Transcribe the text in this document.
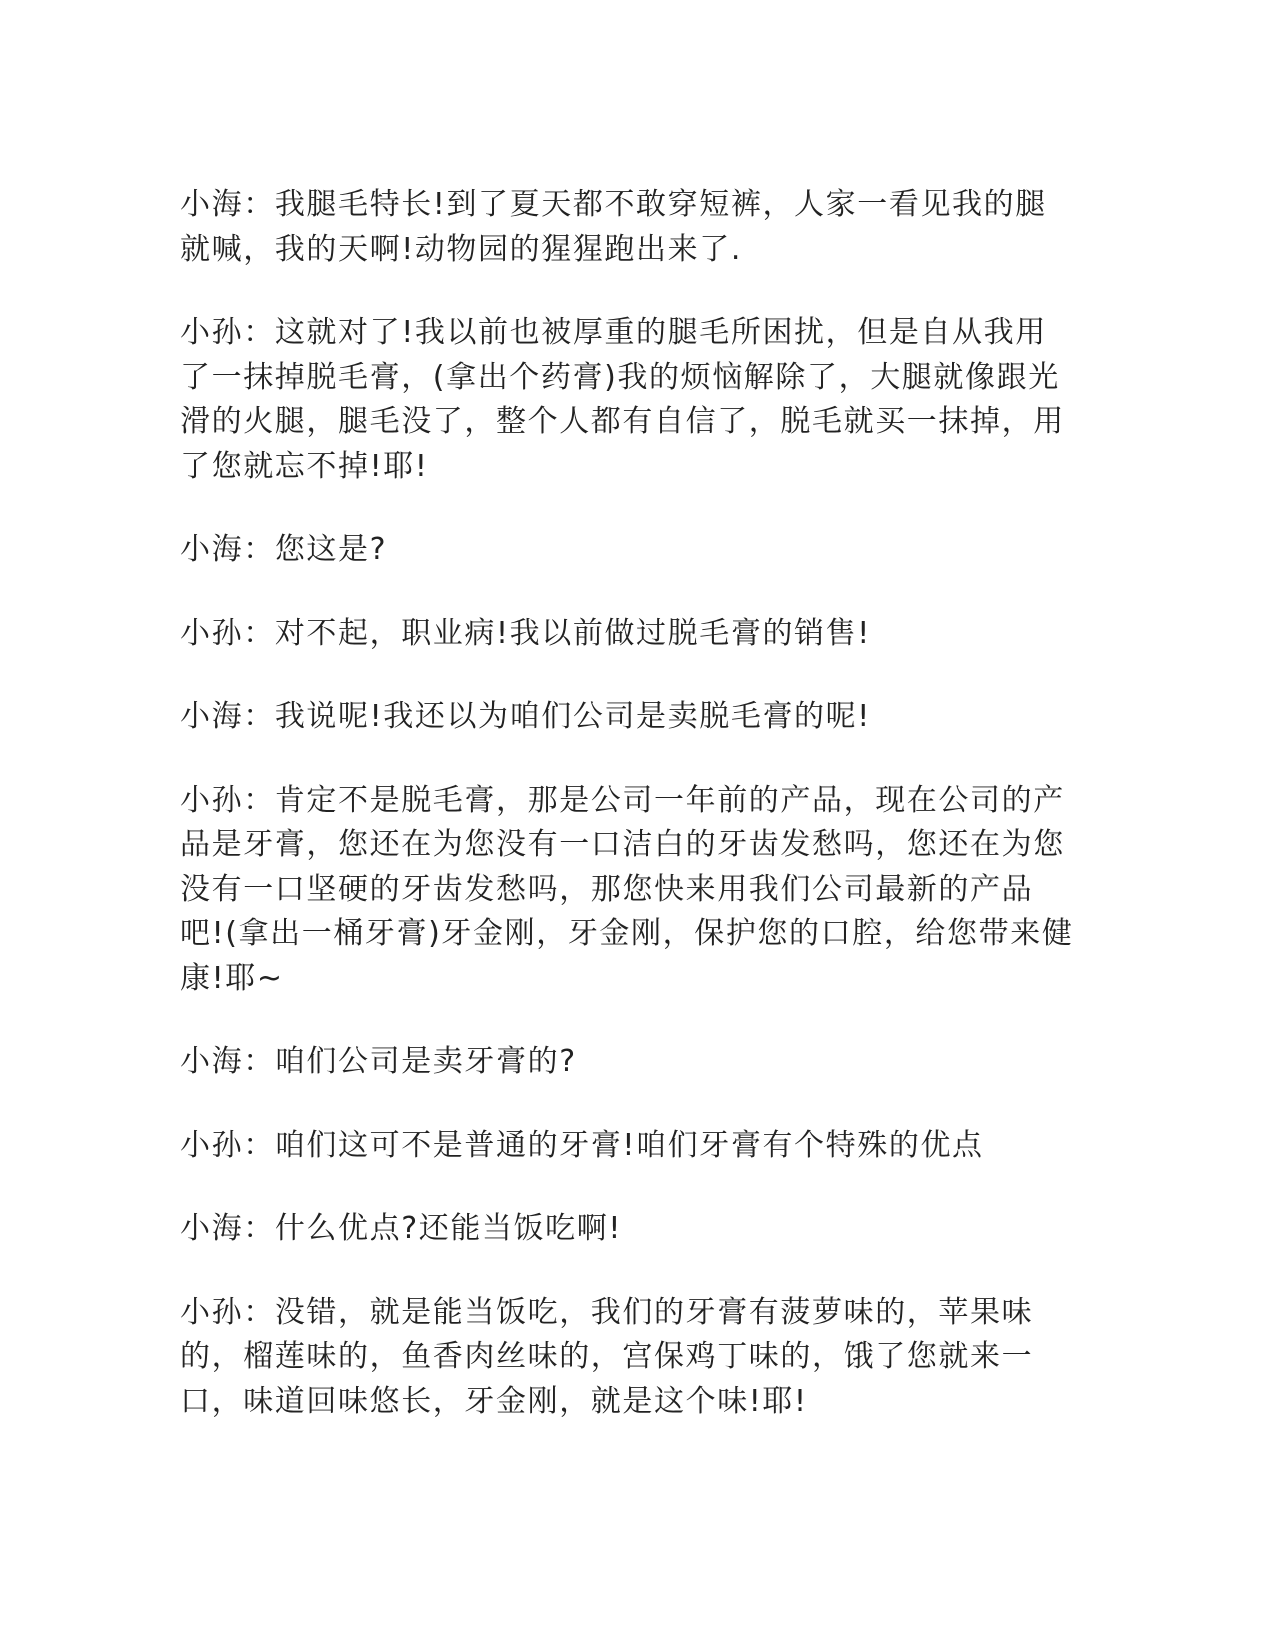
小海：我腿毛特长!到了夏天都不敢穿短裤，人家一看见我的腿就喊，我的天啊!动物园的猩猩跑出来了.

小孙：这就对了!我以前也被厚重的腿毛所困扰，但是自从我用了一抹掉脱毛膏，(拿出个药膏)我的烦恼解除了，大腿就像跟光滑的火腿，腿毛没了，整个人都有自信了，脱毛就买一抹掉，用了您就忘不掉!耶!

小海：您这是?

小孙：对不起，职业病!我以前做过脱毛膏的销售!

小海：我说呢!我还以为咱们公司是卖脱毛膏的呢!

小孙：肯定不是脱毛膏，那是公司一年前的产品，现在公司的产品是牙膏，您还在为您没有一口洁白的牙齿发愁吗，您还在为您没有一口坚硬的牙齿发愁吗，那您快来用我们公司最新的产品吧!(拿出一桶牙膏)牙金刚，牙金刚，保护您的口腔，给您带来健康!耶~

小海：咱们公司是卖牙膏的?

小孙：咱们这可不是普通的牙膏!咱们牙膏有个特殊的优点

小海：什么优点?还能当饭吃啊!

小孙：没错，就是能当饭吃，我们的牙膏有菠萝味的，苹果味的，榴莲味的，鱼香肉丝味的，宫保鸡丁味的，饿了您就来一口，味道回味悠长，牙金刚，就是这个味!耶!
